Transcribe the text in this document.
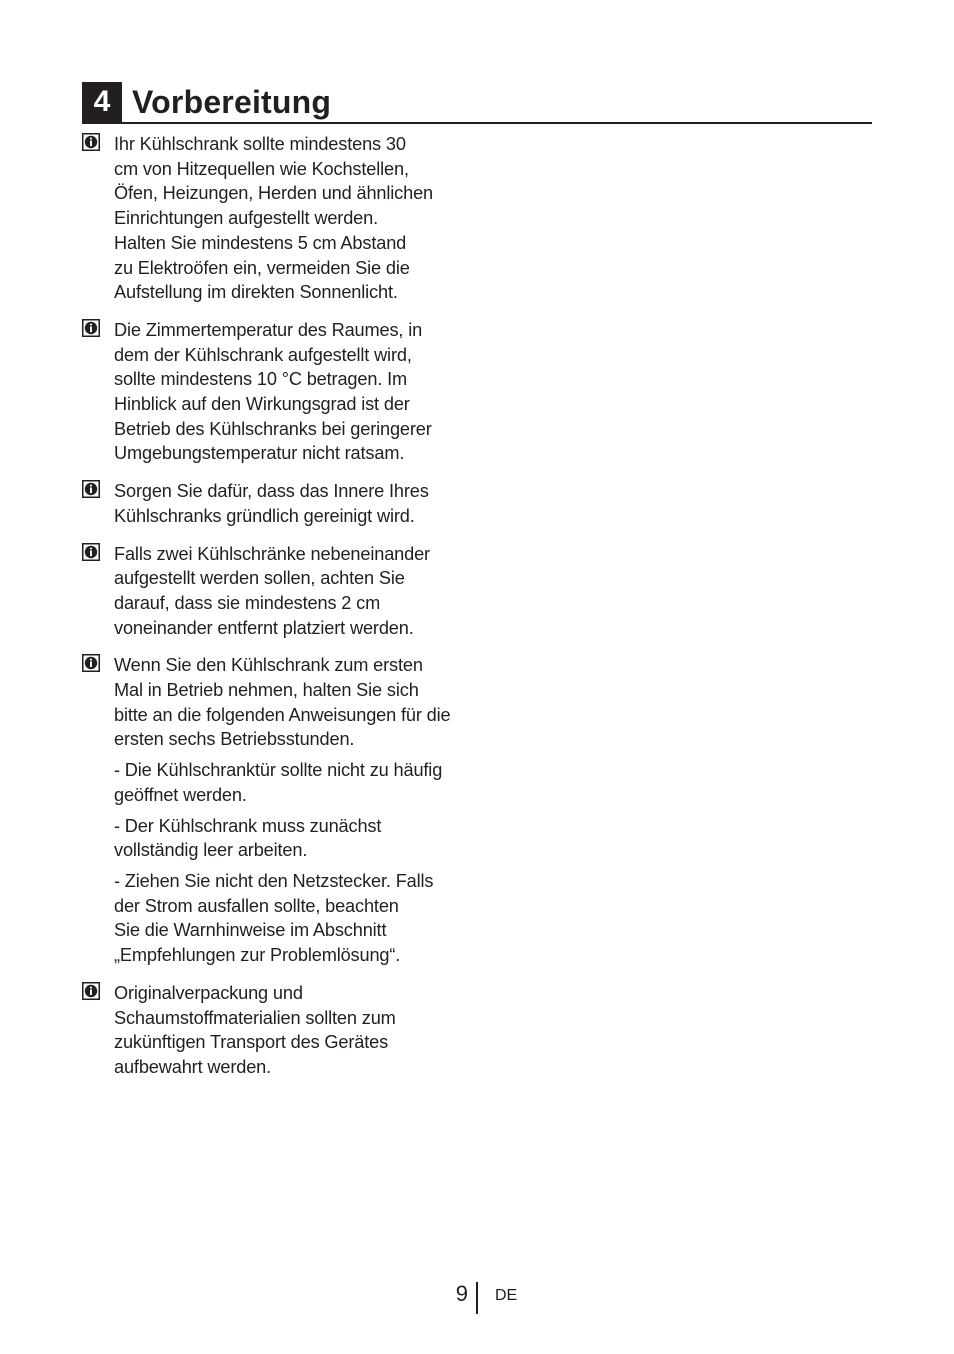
4 Vorbereitung

Ihr Kühlschrank sollte mindestens 30
cm von Hitzequellen wie Kochstellen,
Öfen, Heizungen, Herden und ähnlichen
Einrichtungen aufgestellt werden.
Halten Sie mindestens 5 cm Abstand
zu Elektroöfen ein, vermeiden Sie die
Aufstellung im direkten Sonnenlicht.

Die Zimmertemperatur des Raumes, in
dem der Kühlschrank aufgestellt wird,
sollte mindestens 10 °C betragen. Im
Hinblick auf den Wirkungsgrad ist der
Betrieb des Kühlschranks bei geringerer
Umgebungstemperatur nicht ratsam.

Sorgen Sie dafür, dass das Innere Ihres
Kühlschranks gründlich gereinigt wird.

Falls zwei Kühlschränke nebeneinander
aufgestellt werden sollen, achten Sie
darauf, dass sie mindestens 2 cm
voneinander entfernt platziert werden.

Wenn Sie den Kühlschrank zum ersten
Mal in Betrieb nehmen, halten Sie sich
bitte an die folgenden Anweisungen für die
ersten sechs Betriebsstunden.

- Die Kühlschranktür sollte nicht zu häufig
geöffnet werden.

- Der Kühlschrank muss zunächst
vollständig leer arbeiten.

- Ziehen Sie nicht den Netzstecker. Falls
der Strom ausfallen sollte, beachten
Sie die Warnhinweise im Abschnitt
„Empfehlungen zur Problemlösung“.

Originalverpackung und
Schaumstoffmaterialien sollten zum
zukünftigen Transport des Gerätes
aufbewahrt werden.

9 DE
